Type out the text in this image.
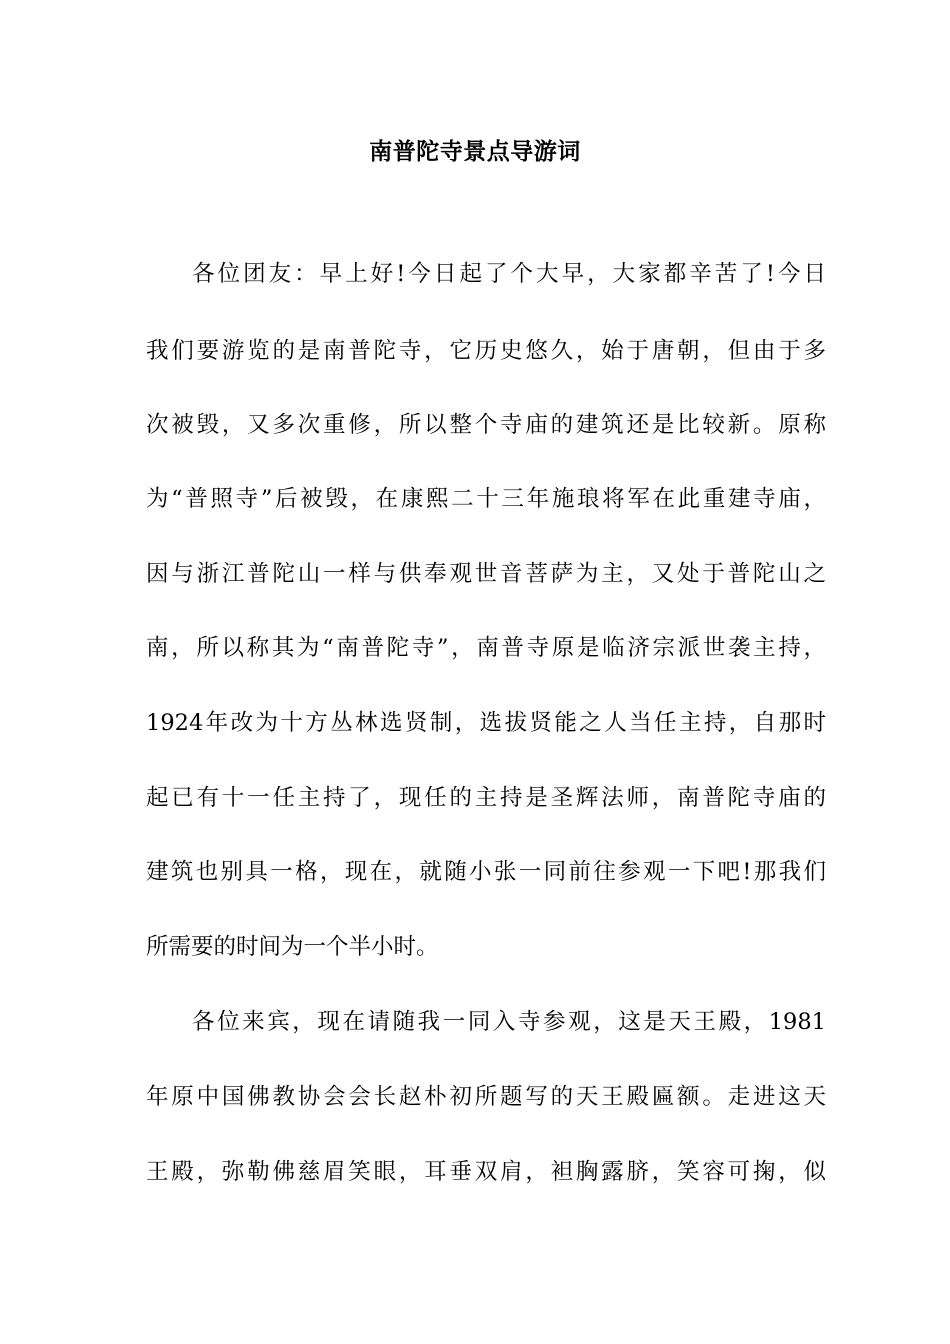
南普陀寺景点导游词
各位团友：早上好!今日起了个大早，大家都辛苦了!今日
我们要游览的是南普陀寺，它历史悠久，始于唐朝，但由于多
次被毁，又多次重修，所以整个寺庙的建筑还是比较新。原称
为“普照寺”后被毁，在康熙二十三年施琅将军在此重建寺庙，
因与浙江普陀山一样与供奉观世音菩萨为主，又处于普陀山之
南，所以称其为“南普陀寺”，南普寺原是临济宗派世袭主持，
1924年改为十方丛林选贤制，选拔贤能之人当任主持，自那时
起已有十一任主持了，现任的主持是圣辉法师，南普陀寺庙的
建筑也别具一格，现在，就随小张一同前往参观一下吧!那我们
所需要的时间为一个半小时。
各位来宾，现在请随我一同入寺参观，这是天王殿，1981
年原中国佛教协会会长赵朴初所题写的天王殿匾额。走进这天
王殿，弥勒佛慈眉笑眼，耳垂双肩，袒胸露脐，笑容可掬，似
